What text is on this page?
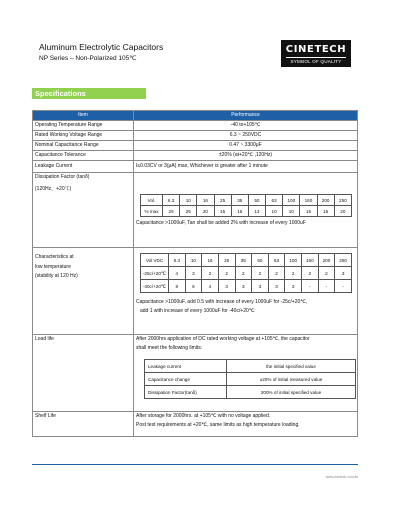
Aluminum Electrolytic Capacitors
NP Series – Non-Polarized 105℃
CINETECH
SYMBOL OF QUALITY
Specifications
Item	Performance
Operating Temperature Range	-40 to+105℃
Rated Working Voltage Range	6.3 ~ 250VDC
Nominal Capacitance Range	0.47 ~ 3300μF
Capacitance Tolerance	±20% (at+20℃ ,120Hz)
Leakage Current	I≤0.03CV or 3(μA) max, Whichever is greater after 1 minute

Dissipation Factor (tanδ)
(120Hz，+20℃)

Vol.	6.3	10	16	25	35	50	63	100	160	200	250
% max	25	25	20	15	15	13	10	10	15	15	20
Capacitance >1000uF, Tan shall be added 2% with increase of every 1000uF

Characteristics at
low temperature
(stability at 120 Hz)

Vol VDC	6.3	10	16	25	35	50	63	100	160	200	250
-25c/+20℃	4	3	2	2	2	2	2	2	2	2	3
-40c/+20℃	8	6	4	3	3	3	3	3	-	-	-
Capacitance >1000uF, add 0.5 with increase of every 1000uF for -25c/+20℃,
add 1 with increase of every 1000uF for -40c/+20℃

Load life	After 2000hrs application of DC rated working voltage at +105℃, the capacitor
shall meet the following limits:
Leakage current	the initial specified value
Capacitance change	±20% of initial measured value
Dissipation Factor(tanδ)	200% of initial specified value

Shelf Life	After storage for 2000hrs. at +105℃ with no voltage applied.
Post test requirements at +20℃, same limits as high temperature loading.
www.cinetech.com.tw
